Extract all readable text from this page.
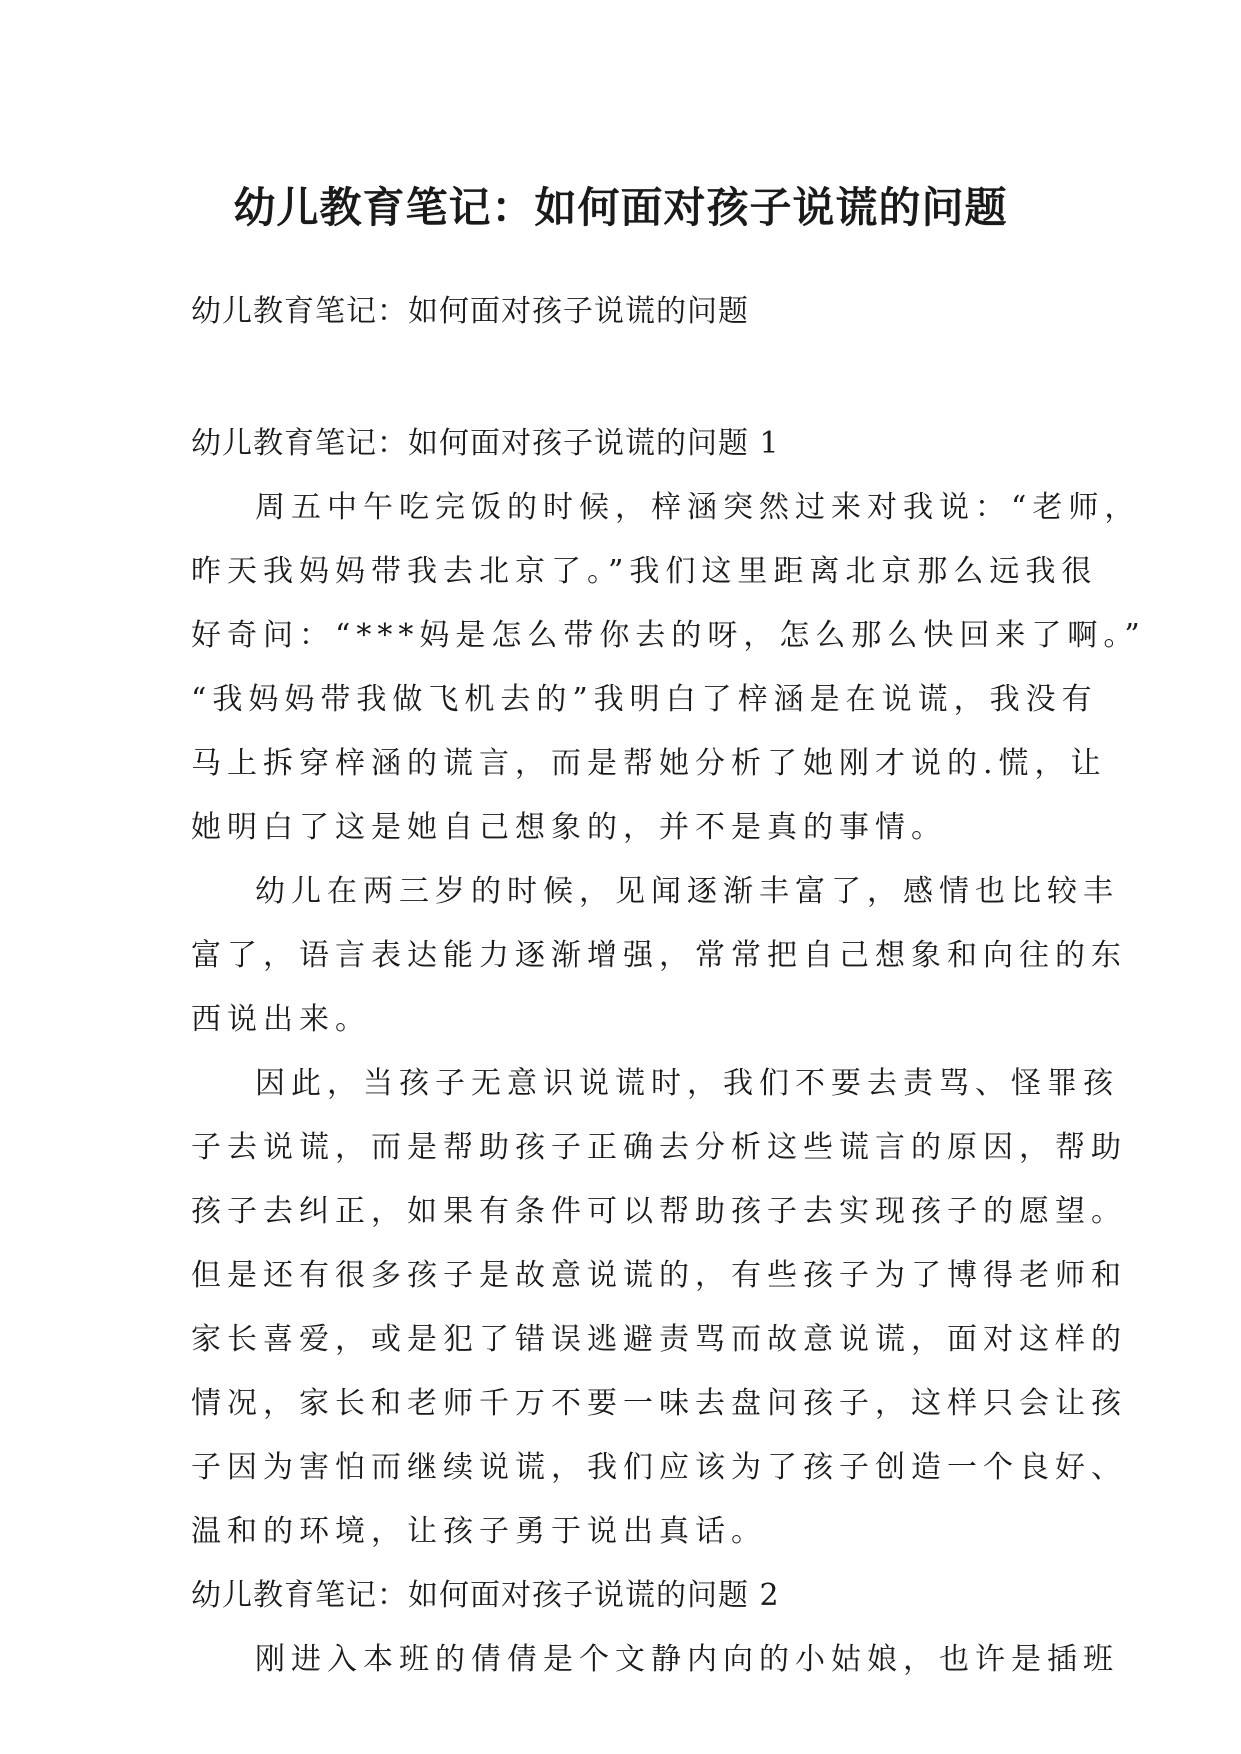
幼儿教育笔记：如何面对孩子说谎的问题
幼儿教育笔记：如何面对孩子说谎的问题
幼儿教育笔记：如何面对孩子说谎的问题 1

周五中午吃完饭的时候，梓涵突然过来对我说：“老师，
昨天我妈妈带我去北京了。”我们这里距离北京那么远我很
好奇问：“***妈是怎么带你去的呀，怎么那么快回来了啊。”
“我妈妈带我做飞机去的”我明白了梓涵是在说谎，我没有
马上拆穿梓涵的谎言，而是帮她分析了她刚才说的.慌，让
她明白了这是她自己想象的，并不是真的事情。

幼儿在两三岁的时候，见闻逐渐丰富了，感情也比较丰
富了，语言表达能力逐渐增强，常常把自己想象和向往的东
西说出来。

因此，当孩子无意识说谎时，我们不要去责骂、怪罪孩
子去说谎，而是帮助孩子正确去分析这些谎言的原因，帮助
孩子去纠正，如果有条件可以帮助孩子去实现孩子的愿望。
但是还有很多孩子是故意说谎的，有些孩子为了博得老师和
家长喜爱，或是犯了错误逃避责骂而故意说谎，面对这样的
情况，家长和老师千万不要一味去盘问孩子，这样只会让孩
子因为害怕而继续说谎，我们应该为了孩子创造一个良好、
温和的环境，让孩子勇于说出真话。

幼儿教育笔记：如何面对孩子说谎的问题 2

刚进入本班的倩倩是个文静内向的小姑娘，也许是插班
